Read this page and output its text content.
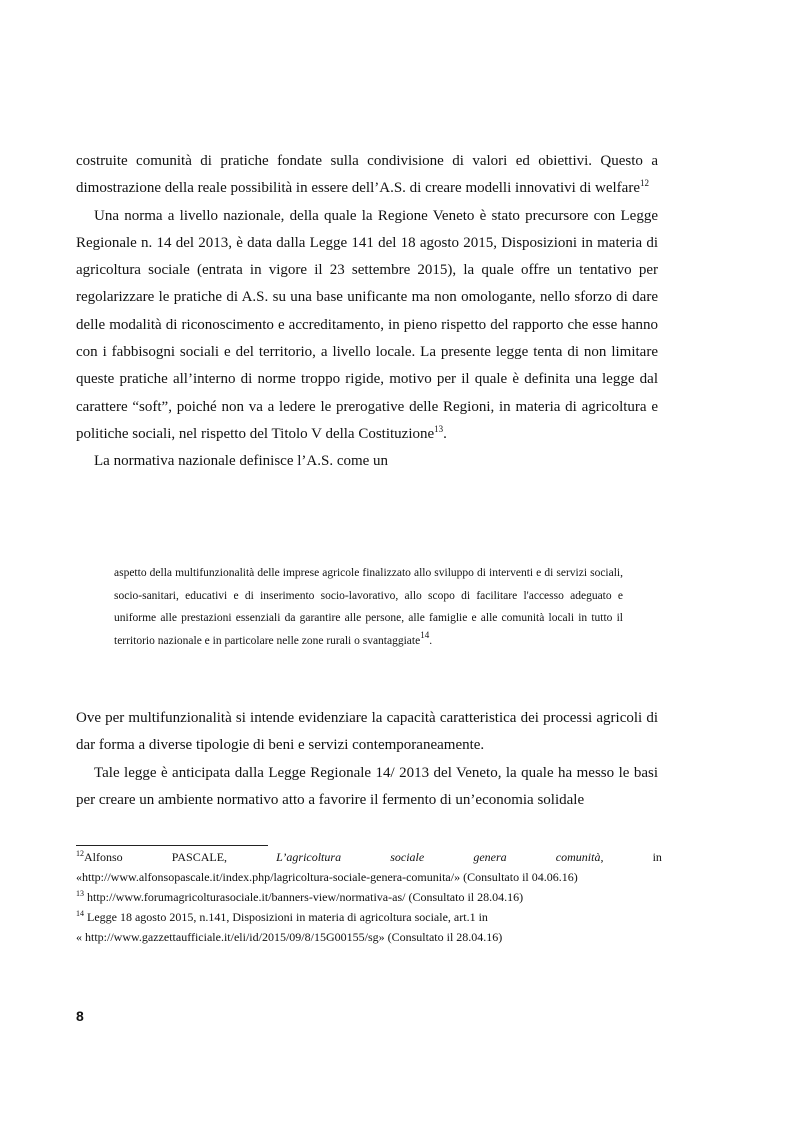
costruite comunità di pratiche fondate sulla condivisione di valori ed obiettivi. Questo a dimostrazione della reale possibilità in essere dell’A.S. di creare modelli innovativi di welfare$^{12}$

Una norma a livello nazionale, della quale la Regione Veneto è stato precursore con Legge Regionale n. 14 del 2013, è data dalla Legge 141 del 18 agosto 2015, Disposizioni in materia di agricoltura sociale (entrata in vigore il 23 settembre 2015), la quale offre un tentativo per regolarizzare le pratiche di A.S. su una base unificante ma non omologante, nello sforzo di dare delle modalità di riconoscimento e accreditamento, in pieno rispetto del rapporto che esse hanno con i fabbisogni sociali e del territorio, a livello locale. La presente legge tenta di non limitare queste pratiche all’interno di norme troppo rigide, motivo per il quale è definita una legge dal carattere “soft”, poiché non va a ledere le prerogative delle Regioni, in materia di agricoltura e politiche sociali, nel rispetto del Titolo V della Costituzione$^{13}$.

La normativa nazionale definisce l’A.S. come un

aspetto della multifunzionalità delle imprese agricole finalizzato allo sviluppo di interventi e di servizi sociali, socio-sanitari, educativi e di inserimento socio-lavorativo, allo scopo di facilitare l'accesso adeguato e uniforme alle prestazioni essenziali da garantire alle persone, alle famiglie e alle comunità locali in tutto il territorio nazionale e in particolare nelle zone rurali o svantaggiate$^{14}$.

Ove per multifunzionalità si intende evidenziare la capacità caratteristica dei processi agricoli di dar forma a diverse tipologie di beni e servizi contemporaneamente.

Tale legge è anticipata dalla Legge Regionale 14/ 2013 del Veneto, la quale ha messo le basi per creare un ambiente normativo atto a favorire il fermento di un’economia solidale

$^{12}$Alfonso	PASCALE,	L’agricoltura	sociale	genera	comunità,	in

«http://www.alfonsopascale.it/index.php/lagricoltura-sociale-genera-comunita/» (Consultato il 04.06.16)

$^{13}$ http://www.forumagricolturasociale.it/banners-view/normativa-as/ (Consultato il 28.04.16)

$^{14}$ Legge 18 agosto 2015, n.141, Disposizioni in materia di agricoltura sociale, art.1 in

« http://www.gazzettaufficiale.it/eli/id/2015/09/8/15G00155/sg» (Consultato il 28.04.16)

8
